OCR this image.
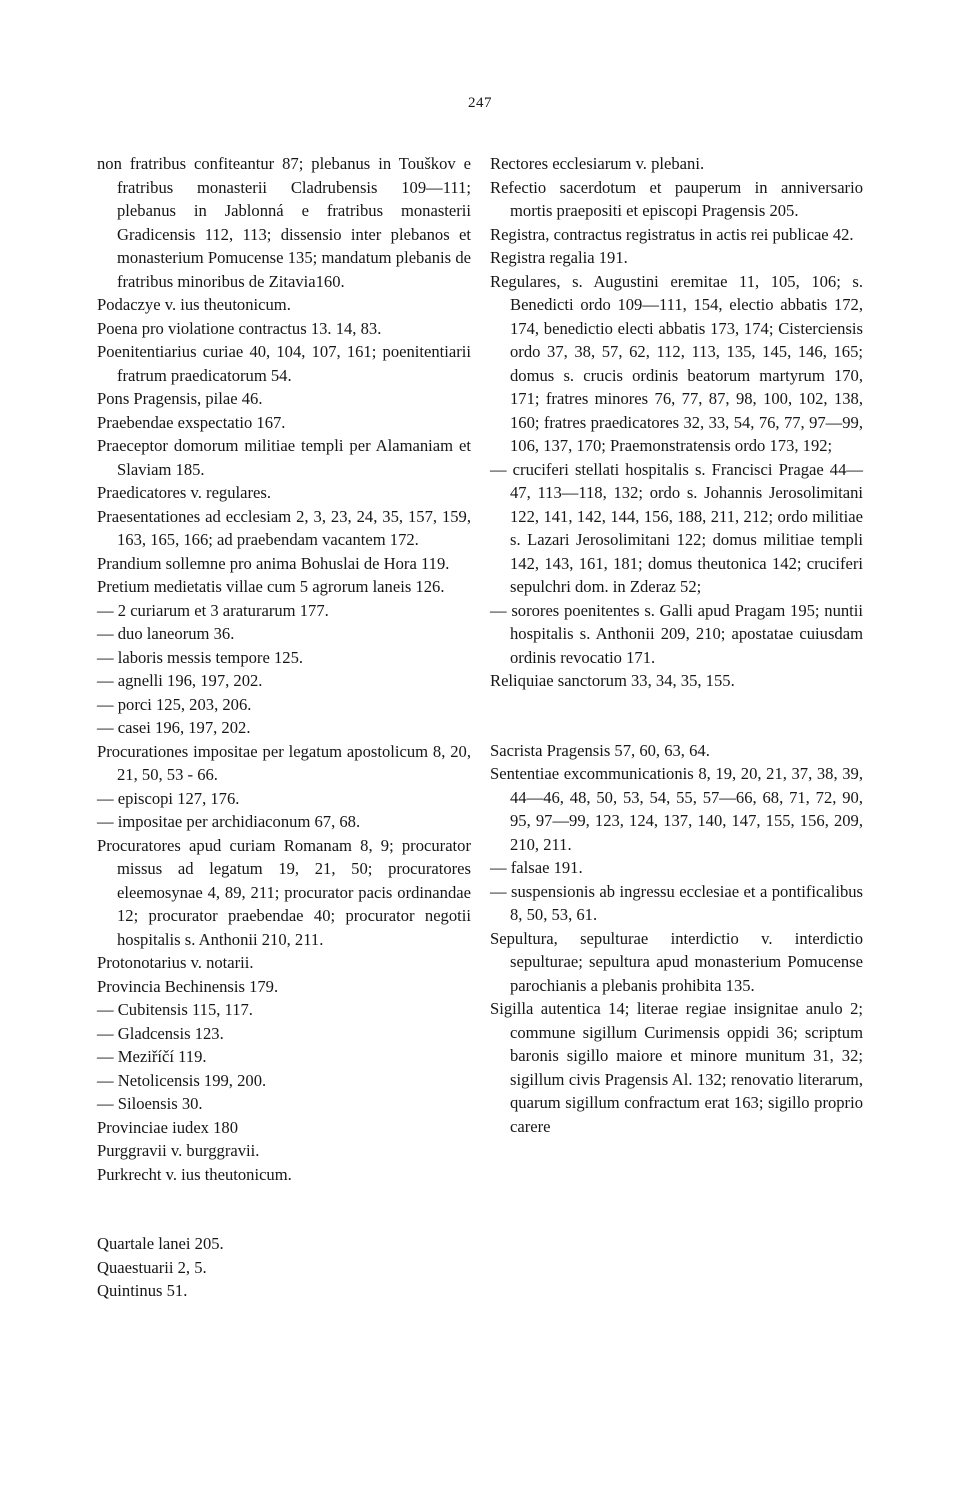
247

non fratribus confiteantur 87; plebanus in Touškov e fratribus monasterii Cladrubensis 109—111; plebanus in Jablonná e fratribus monasterii Gradicensis 112, 113; dissensio inter plebanos et monasterium Pomucense 135; mandatum plebanis de fratribus minoribus de Zitavia160.

Podaczye v. ius theutonicum.

Poena pro violatione contractus 13. 14, 83.

Poenitentiarius curiae 40, 104, 107, 161; poenitentiarii fratrum praedicatorum 54.

Pons Pragensis, pilae 46.

Praebendae exspectatio 167.

Praeceptor domorum militiae templi per Alamaniam et Slaviam 185.

Praedicatores v. regulares.

Praesentationes ad ecclesiam 2, 3, 23, 24, 35, 157, 159, 163, 165, 166; ad praebendam vacantem 172.

Prandium sollemne pro anima Bohuslai de Hora 119.

Pretium medietatis villae cum 5 agrorum laneis 126.

— 2 curiarum et 3 araturarum 177.

— duo laneorum 36.

— laboris messis tempore 125.

— agnelli 196, 197, 202.

— porci 125, 203, 206.

— casei 196, 197, 202.

Procurationes impositae per legatum apostolicum 8, 20, 21, 50, 53 - 66.

— episcopi 127, 176.

— impositae per archidiaconum 67, 68.

Procuratores apud curiam Romanam 8, 9; procurator missus ad legatum 19, 21, 50; procuratores eleemosynae 4, 89, 211; procurator pacis ordinandae 12; procurator praebendae 40; procurator negotii hospitalis s. Anthonii 210, 211.

Protonotarius v. notarii.

Provincia Bechinensis 179.

— Cubitensis 115, 117.

— Gladcensis 123.

— Meziříčí 119.

— Netolicensis 199, 200.

— Siloensis 30.

Provinciae iudex 180

Purggravii v. burggravii.

Purkrecht v. ius theutonicum.

Quartale lanei 205.

Quaestuarii 2, 5.

Quintinus 51.

Rectores ecclesiarum v. plebani.

Refectio sacerdotum et pauperum in anniversario mortis praepositi et episcopi Pragensis 205.

Registra, contractus registratus in actis rei publicae 42.

Registra regalia 191.

Regulares, s. Augustini eremitae 11, 105, 106; s. Benedicti ordo 109—111, 154, electio abbatis 172, 174, benedictio electi abbatis 173, 174; Cisterciensis ordo 37, 38, 57, 62, 112, 113, 135, 145, 146, 165; domus s. crucis ordinis beatorum martyrum 170, 171; fratres minores 76, 77, 87, 98, 100, 102, 138, 160; fratres praedicatores 32, 33, 54, 76, 77, 97—99, 106, 137, 170; Praemonstratensis ordo 173, 192;

— cruciferi stellati hospitalis s. Francisci Pragae 44—47, 113—118, 132; ordo s. Johannis Jerosolimitani 122, 141, 142, 144, 156, 188, 211, 212; ordo militiae s. Lazari Jerosolimitani 122; domus militiae templi 142, 143, 161, 181; domus theutonica 142; cruciferi sepulchri dom. in Zderaz 52;

— sorores poenitentes s. Galli apud Pragam 195; nuntii hospitalis s. Anthonii 209, 210; apostatae cuiusdam ordinis revocatio 171.

Reliquiae sanctorum 33, 34, 35, 155.

Sacrista Pragensis 57, 60, 63, 64.

Sententiae excommunicationis 8, 19, 20, 21, 37, 38, 39, 44—46, 48, 50, 53, 54, 55, 57—66, 68, 71, 72, 90, 95, 97—99, 123, 124, 137, 140, 147, 155, 156, 209, 210, 211.

— falsae 191.

— suspensionis ab ingressu ecclesiae et a pontificalibus 8, 50, 53, 61.

Sepultura, sepulturae interdictio v. interdictio sepulturae; sepultura apud monasterium Pomucense parochianis a plebanis prohibita 135.

Sigilla autentica 14; literae regiae insignitae anulo 2; commune sigillum Curimensis oppidi 36; scriptum baronis sigillo maiore et minore munitum 31, 32; sigillum civis Pragensis Al. 132; renovatio literarum, quarum sigillum confractum erat 163; sigillo proprio carere
